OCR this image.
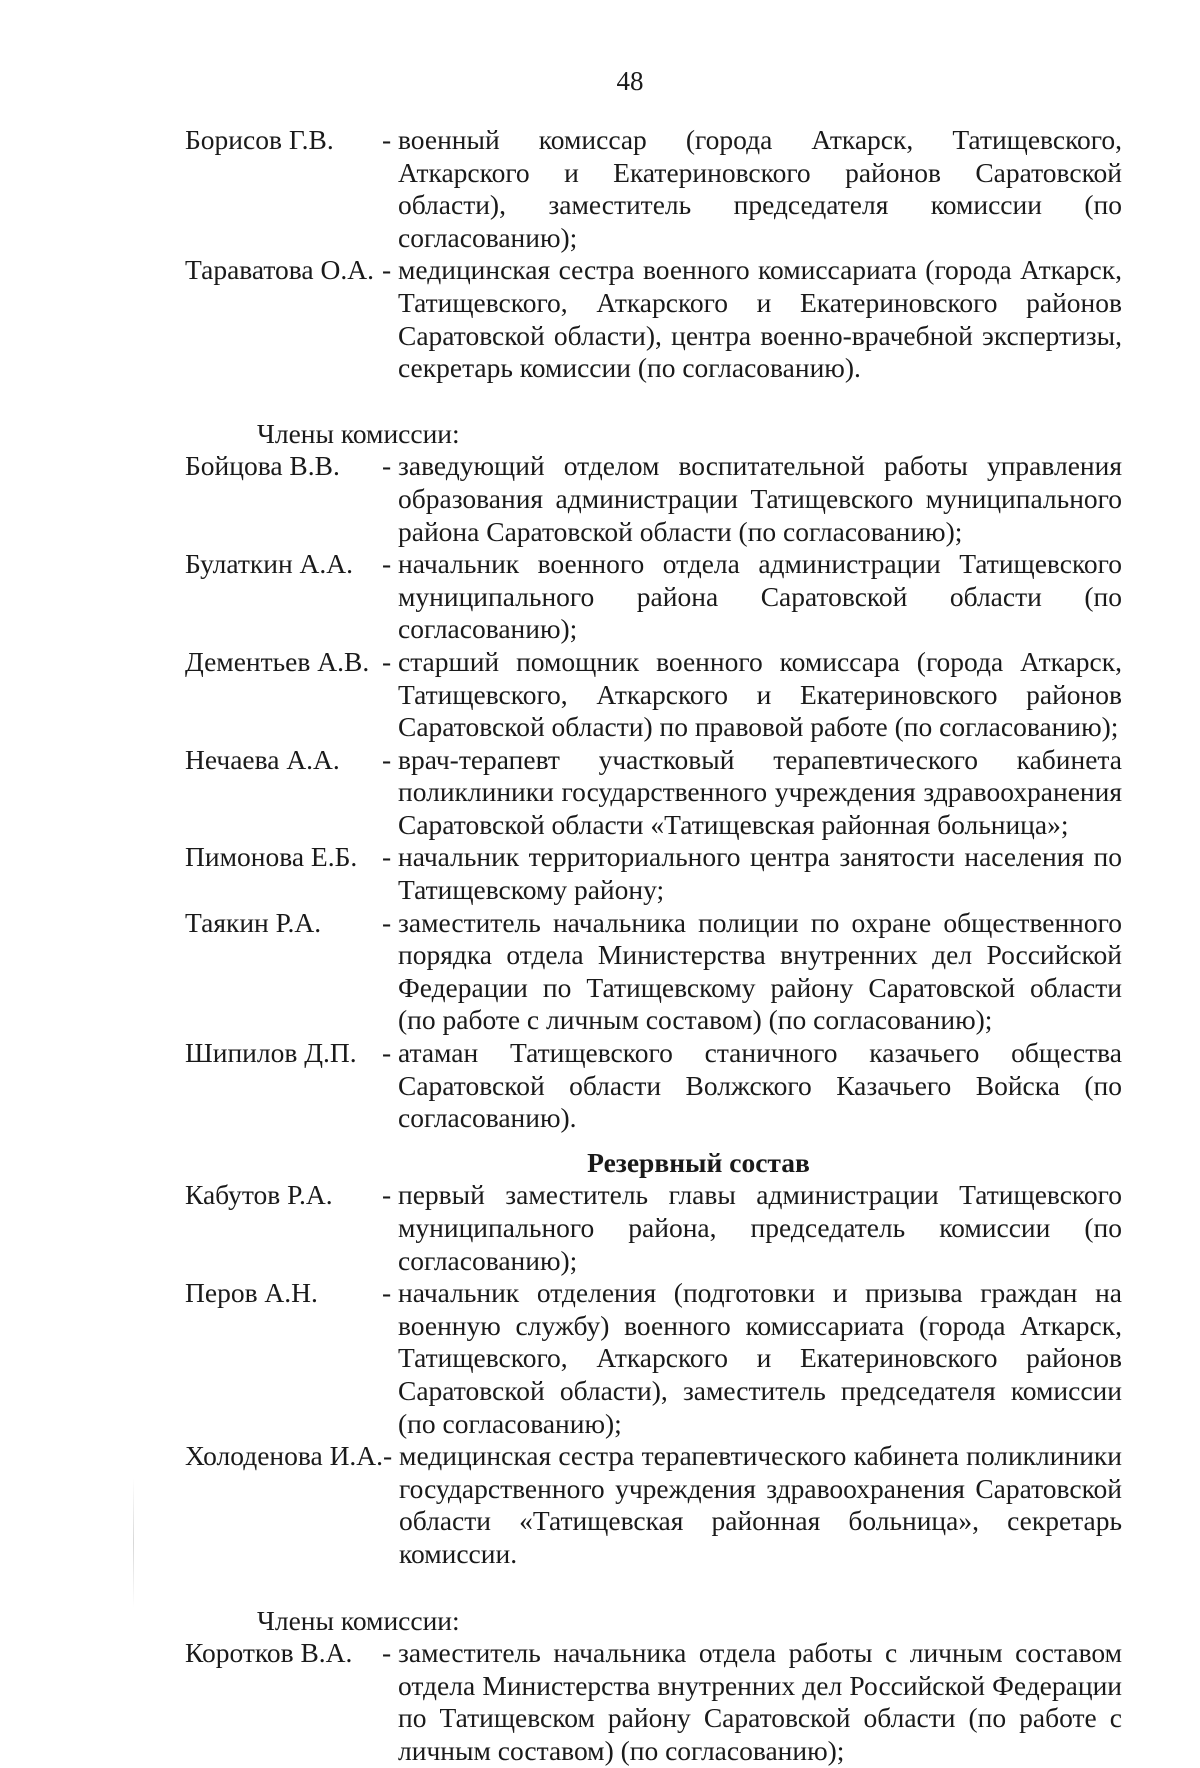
48
Борисов Г.В.	- военный комиссар (города Аткарск, Татищевского, Аткарского и Екатериновского районов Саратовской области), заместитель председателя комиссии (по согласованию);
Тараватова О.А. - медицинская сестра военного комиссариата (города Аткарск, Татищевского, Аткарского и Екатериновского районов Саратовской области), центра военно-врачебной экспертизы, секретарь комиссии (по согласованию).
Члены комиссии:
Бойцова В.В.	- заведующий отделом воспитательной работы управления образования администрации Татищевского муниципального района Саратовской области (по согласованию);
Булаткин А.А.	- начальник военного отдела администрации Татищевского муниципального района Саратовской области (по согласованию);
Дементьев А.В. - старший помощник военного комиссара (города Аткарск, Татищевского, Аткарского и Екатериновского районов Саратовской области) по правовой работе (по согласованию);
Нечаева А.А.	- врач-терапевт участковый терапевтического кабинета поликлиники государственного учреждения здравоохранения Саратовской области «Татищевская районная больница»;
Пимонова Е.Б. - начальник территориального центра занятости населения по Татищевскому району;
Таякин Р.А.	- заместитель начальника полиции по охране общественного порядка отдела Министерства внутренних дел Российской Федерации по Татищевскому району Саратовской области (по работе с личным составом) (по согласованию);
Шипилов Д.П. - атаман Татищевского станичного казачьего общества Саратовской области Волжского Казачьего Войска (по согласованию).
Резервный состав
Кабутов Р.А.	- первый заместитель главы администрации Татищевского муниципального района, председатель комиссии (по согласованию);
Перов А.Н.	- начальник отделения (подготовки и призыва граждан на военную службу) военного комиссариата (города Аткарск, Татищевского, Аткарского и Екатериновского районов Саратовской области), заместитель председателя комиссии (по согласованию);
Холоденова И.А. - медицинская сестра терапевтического кабинета поликлиники государственного учреждения здравоохранения Саратовской области «Татищевская районная больница», секретарь комиссии.
Члены комиссии:
Коротков В.А.	- заместитель начальника отдела работы с личным составом отдела Министерства внутренних дел Российской Федерации по Татищевском району Саратовской области (по работе с личным составом) (по согласованию);
